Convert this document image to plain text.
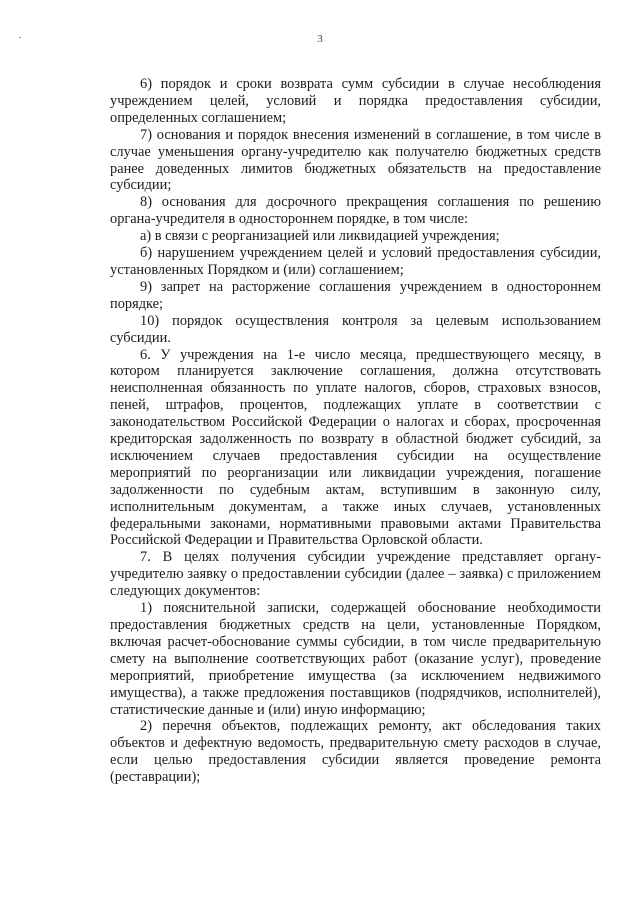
3

6) порядок и сроки возврата сумм субсидии в случае несоблюдения учреждением целей, условий и порядка предоставления субсидии, определенных соглашением;

7) основания и порядок внесения изменений в соглашение, в том числе в случае уменьшения органу-учредителю как получателю бюджетных средств ранее доведенных лимитов бюджетных обязательств на предоставление субсидии;

8) основания для досрочного прекращения соглашения по решению органа-учредителя в одностороннем порядке, в том числе:

а) в связи с реорганизацией или ликвидацией учреждения;

б) нарушением учреждением целей и условий предоставления субсидии, установленных Порядком и (или) соглашением;

9) запрет на расторжение соглашения учреждением в одностороннем порядке;

10) порядок осуществления контроля за целевым использованием субсидии.

6. У учреждения на 1-е число месяца, предшествующего месяцу, в котором планируется заключение соглашения, должна отсутствовать неисполненная обязанность по уплате налогов, сборов, страховых взносов, пеней, штрафов, процентов, подлежащих уплате в соответствии с законодательством Российской Федерации о налогах и сборах, просроченная кредиторская задолженность по возврату в областной бюджет субсидий, за исключением случаев предоставления субсидии на осуществление мероприятий по реорганизации или ликвидации учреждения, погашение задолженности по судебным актам, вступившим в законную силу, исполнительным документам, а также иных случаев, установленных федеральными законами, нормативными правовыми актами Правительства Российской Федерации и Правительства Орловской области.

7. В целях получения субсидии учреждение представляет органу-учредителю заявку о предоставлении субсидии (далее – заявка) с приложением следующих документов:

1) пояснительной записки, содержащей обоснование необходимости предоставления бюджетных средств на цели, установленные Порядком, включая расчет-обоснование суммы субсидии, в том числе предварительную смету на выполнение соответствующих работ (оказание услуг), проведение мероприятий, приобретение имущества (за исключением недвижимого имущества), а также предложения поставщиков (подрядчиков, исполнителей), статистические данные и (или) иную информацию;

2) перечня объектов, подлежащих ремонту, акт обследования таких объектов и дефектную ведомость, предварительную смету расходов в случае, если целью предоставления субсидии является проведение ремонта (реставрации);
